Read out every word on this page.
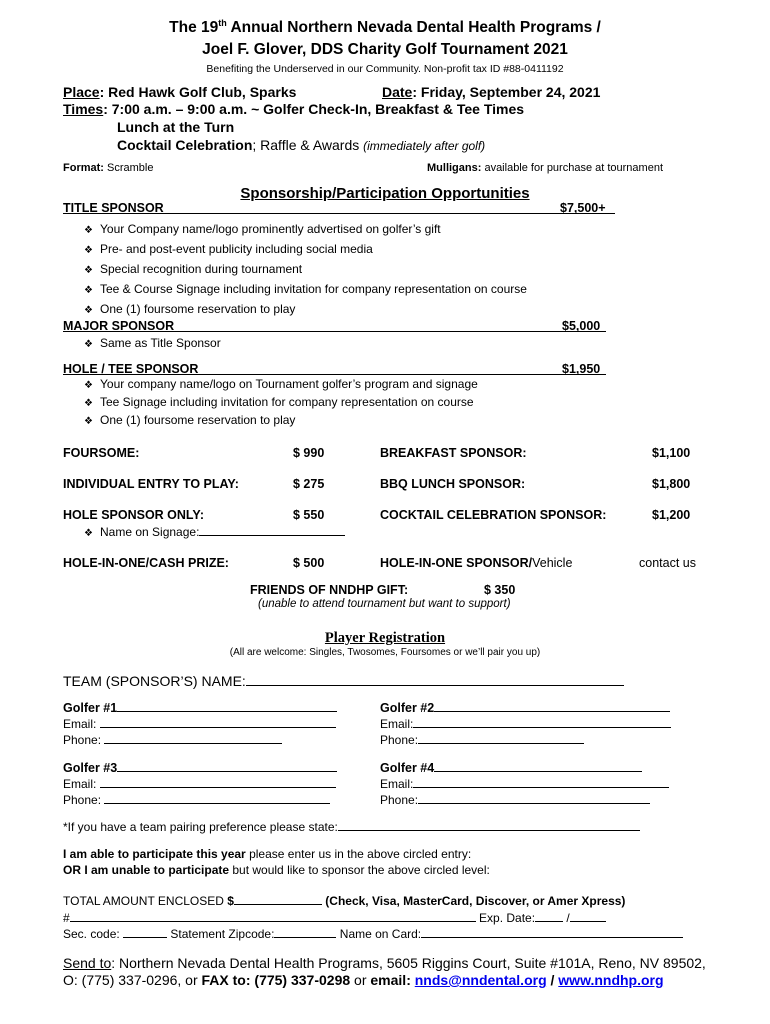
The 19th Annual Northern Nevada Dental Health Programs /
Joel F. Glover, DDS Charity Golf Tournament 2021
Benefiting the Underserved in our Community. Non-profit tax ID #88-0411192
Place: Red Hawk Golf Club, Sparks	Date: Friday, September 24, 2021
Times: 7:00 a.m. – 9:00 a.m. ~ Golfer Check-In, Breakfast & Tee Times
Lunch at the Turn
Cocktail Celebration; Raffle & Awards (immediately after golf)
Format: Scramble	Mulligans: available for purchase at tournament
Sponsorship/Participation Opportunities
TITLE SPONSOR	$7,500+
❖ Your Company name/logo prominently advertised on golfer’s gift
❖ Pre- and post-event publicity including social media
❖ Special recognition during tournament
❖ Tee & Course Signage including invitation for company representation on course
❖ One (1) foursome reservation to play
MAJOR SPONSOR	$5,000
❖ Same as Title Sponsor
HOLE / TEE SPONSOR	$1,950
❖ Your company name/logo on Tournament golfer’s program and signage
❖ Tee Signage including invitation for company representation on course
❖ One (1) foursome reservation to play
FOURSOME:	$ 990	BREAKFAST SPONSOR:	$1,100
INDIVIDUAL ENTRY TO PLAY:	$ 275	BBQ LUNCH SPONSOR:	$1,800
HOLE SPONSOR ONLY:	$ 550	COCKTAIL CELEBRATION SPONSOR:	$1,200
❖ Name on Signage:
HOLE-IN-ONE/CASH PRIZE:	$ 500	HOLE-IN-ONE SPONSOR/Vehicle	contact us
FRIENDS OF NNDHP GIFT:	$ 350
(unable to attend tournament but want to support)
Player Registration
(All are welcome: Singles, Twosomes, Foursomes or we’ll pair you up)
TEAM (SPONSOR’S) NAME:
Golfer #1
Email:
Phone:
Golfer #2
Email:
Phone:
Golfer #3
Email:
Phone:
Golfer #4
Email:
Phone:
*If you have a team pairing preference please state:
I am able to participate this year please enter us in the above circled entry:
OR I am unable to participate but would like to sponsor the above circled level:
TOTAL AMOUNT ENCLOSED $	(Check, Visa, MasterCard, Discover, or Amer Xpress)
#	Exp. Date: /
Sec. code:	Statement Zipcode:	Name on Card:
Send to: Northern Nevada Dental Health Programs, 5605 Riggins Court, Suite #101A, Reno, NV 89502,
O: (775) 337-0296, or FAX to: (775) 337-0298 or email: nnds@nndental.org / www.nndhp.org
